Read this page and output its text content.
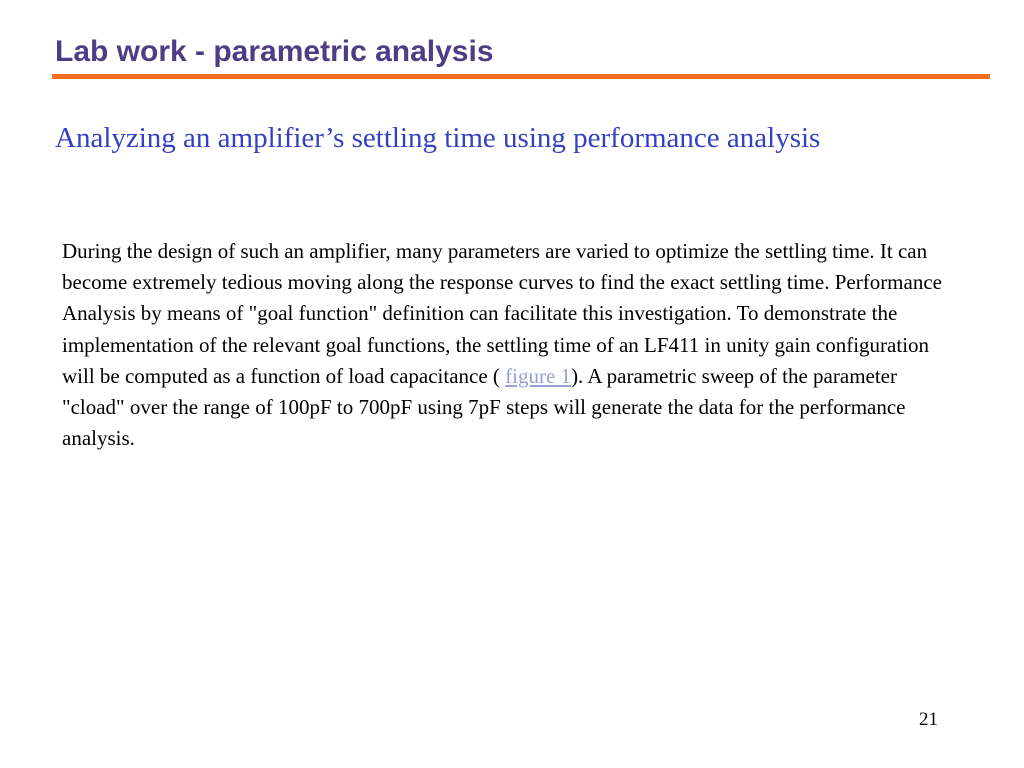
Lab work - parametric analysis
Analyzing an amplifier’s settling time using performance analysis

During the design of such an amplifier, many parameters are varied to optimize the settling time. It can become extremely tedious moving along the response curves to find the exact settling time. Performance Analysis by means of "goal function" definition can facilitate this investigation. To demonstrate the implementation of the relevant goal functions, the settling time of an LF411 in unity gain configuration will be computed as a function of load capacitance ( figure 1). A parametric sweep of the parameter "cload" over the range of 100pF to 700pF using 7pF steps will generate the data for the performance analysis.

21
